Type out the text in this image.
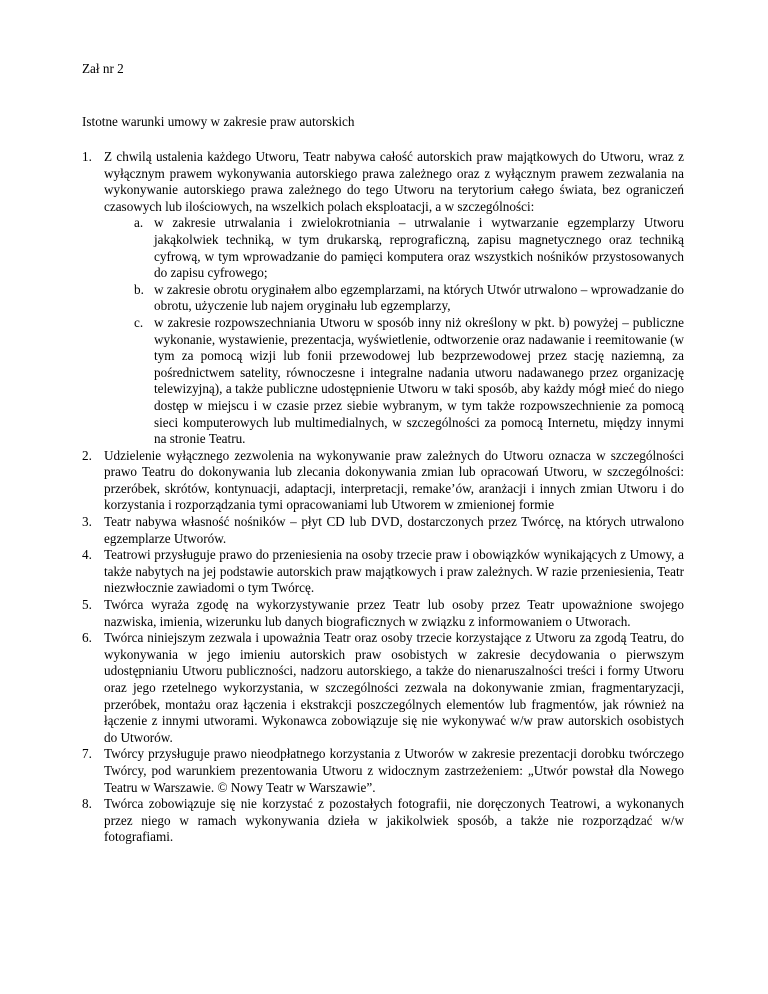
Zał nr 2

Istotne warunki umowy w zakresie praw autorskich

1. Z chwilą ustalenia każdego Utworu, Teatr nabywa całość autorskich praw majątkowych do Utworu, wraz z wyłącznym prawem wykonywania autorskiego prawa zależnego oraz z wyłącznym prawem zezwalania na wykonywanie autorskiego prawa zależnego do tego Utworu na terytorium całego świata, bez ograniczeń czasowych lub ilościowych, na wszelkich polach eksploatacji, a w szczególności:
a. w zakresie utrwalania i zwielokrotniania – utrwalanie i wytwarzanie egzemplarzy Utworu jakąkolwiek techniką, w tym drukarską, reprograficzną, zapisu magnetycznego oraz techniką cyfrową, w tym wprowadzanie do pamięci komputera oraz wszystkich nośników przystosowanych do zapisu cyfrowego;
b. w zakresie obrotu oryginałem albo egzemplarzami, na których Utwór utrwalono – wprowadzanie do obrotu, użyczenie lub najem oryginału lub egzemplarzy,
c. w zakresie rozpowszechniania Utworu w sposób inny niż określony w pkt. b) powyżej – publiczne wykonanie, wystawienie, prezentacja, wyświetlenie, odtworzenie oraz nadawanie i reemitowanie (w tym za pomocą wizji lub fonii przewodowej lub bezprzewodowej przez stację naziemną, za pośrednictwem satelity, równoczesne i integralne nadania utworu nadawanego przez organizację telewizyjną), a także publiczne udostępnienie Utworu w taki sposób, aby każdy mógł mieć do niego dostęp w miejscu i w czasie przez siebie wybranym, w tym także rozpowszechnienie za pomocą sieci komputerowych lub multimedialnych, w szczególności za pomocą Internetu, między innymi na stronie Teatru.
2. Udzielenie wyłącznego zezwolenia na wykonywanie praw zależnych do Utworu oznacza w szczególności prawo Teatru do dokonywania lub zlecania dokonywania zmian lub opracowań Utworu, w szczególności: przeróbek, skrótów, kontynuacji, adaptacji, interpretacji, remake’ów, aranżacji i innych zmian Utworu i do korzystania i rozporządzania tymi opracowaniami lub Utworem w zmienionej formie
3. Teatr nabywa własność nośników – płyt CD lub DVD, dostarczonych przez Twórcę, na których utrwalono egzemplarze Utworów.
4. Teatrowi przysługuje prawo do przeniesienia na osoby trzecie praw i obowiązków wynikających z Umowy, a także nabytych na jej podstawie autorskich praw majątkowych i praw zależnych. W razie przeniesienia, Teatr niezwłocznie zawiadomi o tym Twórcę.
5. Twórca wyraża zgodę na wykorzystywanie przez Teatr lub osoby przez Teatr upoważnione swojego nazwiska, imienia, wizerunku lub danych biograficznych w związku z informowaniem o Utworach.
6. Twórca niniejszym zezwala i upoważnia Teatr oraz osoby trzecie korzystające z Utworu za zgodą Teatru, do wykonywania w jego imieniu autorskich praw osobistych w zakresie decydowania o pierwszym udostępnianiu Utworu publiczności, nadzoru autorskiego, a także do nienaruszalności treści i formy Utworu oraz jego rzetelnego wykorzystania, w szczególności zezwala na dokonywanie zmian, fragmentaryzacji, przeróbek, montażu oraz łączenia i ekstrakcji poszczególnych elementów lub fragmentów, jak również na łączenie z innymi utworami. Wykonawca zobowiązuje się nie wykonywać w/w praw autorskich osobistych do Utworów.
7. Twórcy przysługuje prawo nieodpłatnego korzystania z Utworów w zakresie prezentacji dorobku twórczego Twórcy, pod warunkiem prezentowania Utworu z widocznym zastrzeżeniem: „Utwór powstał dla Nowego Teatru w Warszawie. © Nowy Teatr w Warszawie”.
8. Twórca zobowiązuje się nie korzystać z pozostałych fotografii, nie doręczonych Teatrowi, a wykonanych przez niego w ramach wykonywania dzieła w jakikolwiek sposób, a także nie rozporządzać w/w fotografiami.
